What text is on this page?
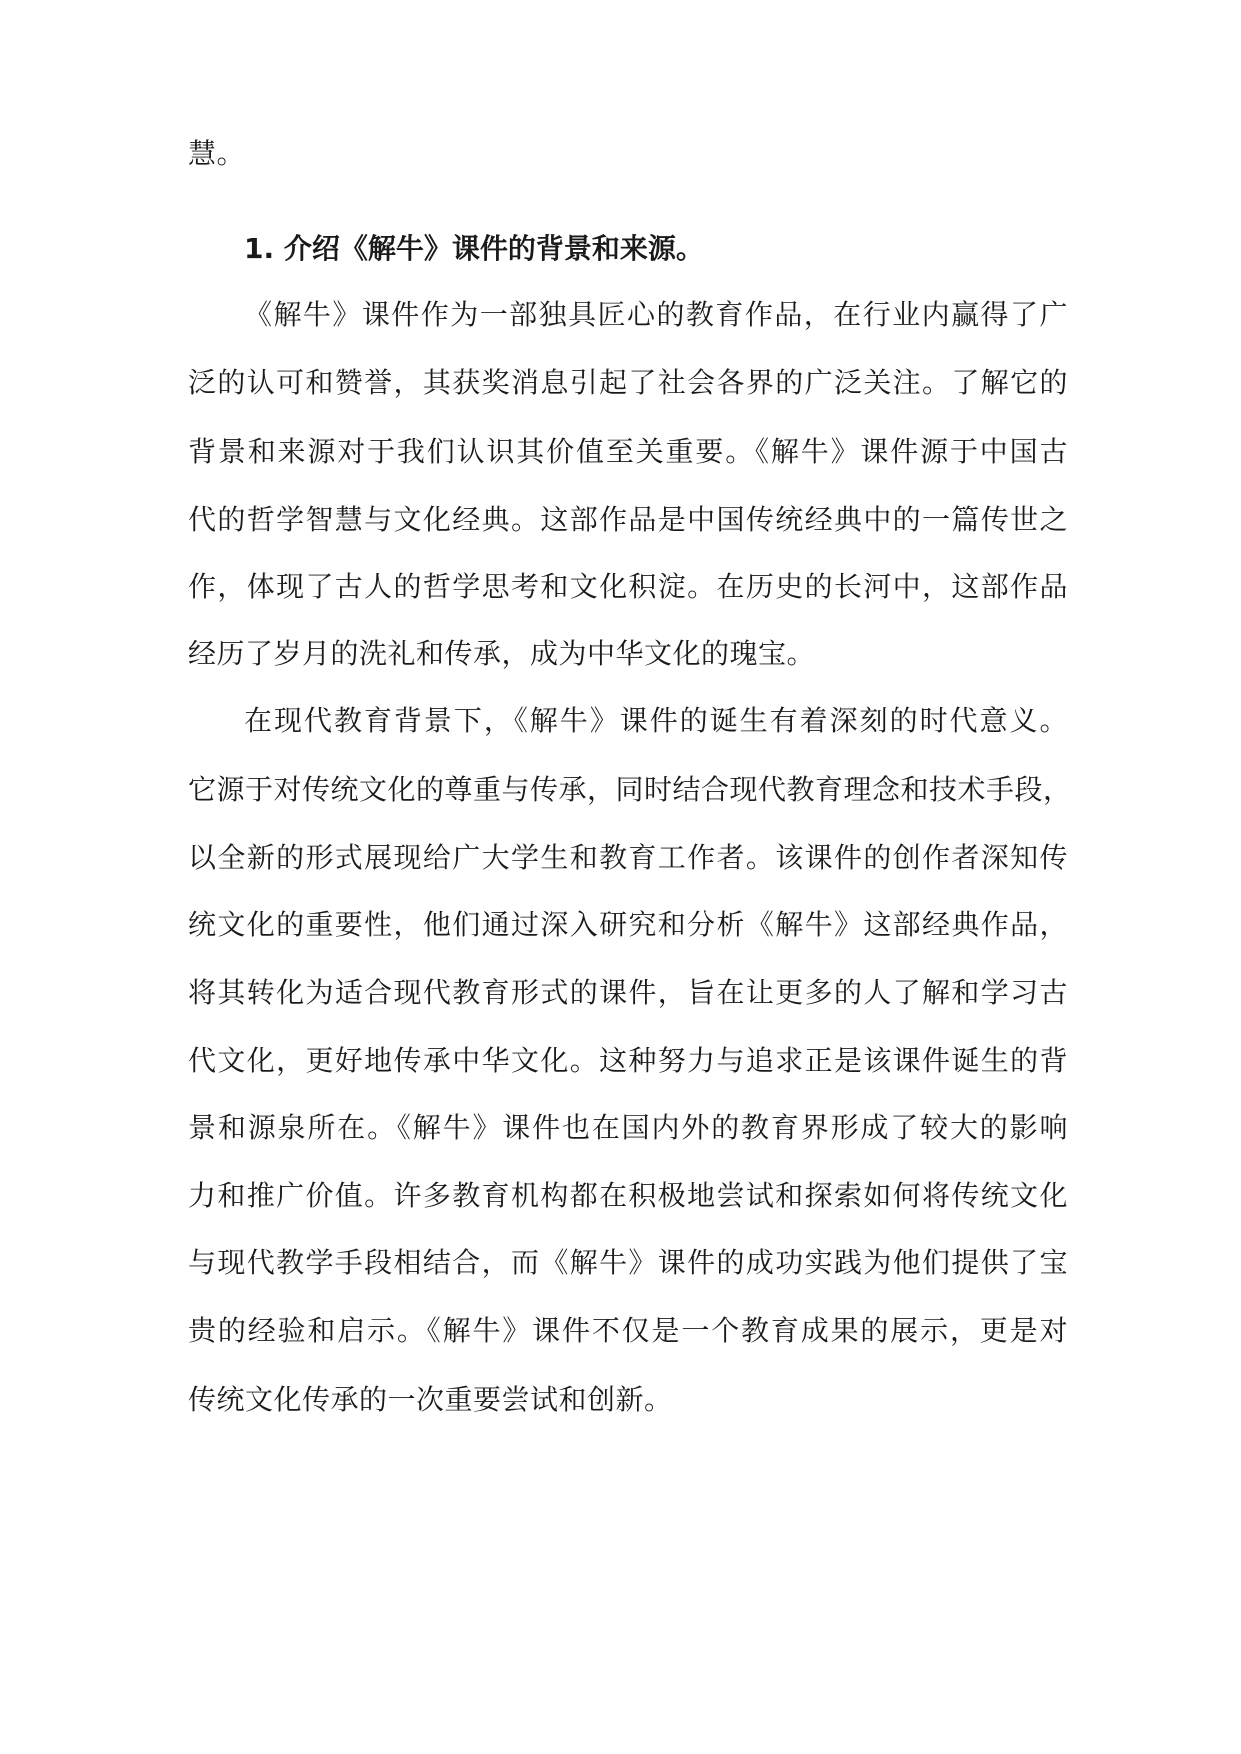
慧。
1. 介绍《解牛》课件的背景和来源。
《解牛》课件作为一部独具匠心的教育作品，在行业内赢得了广
泛的认可和赞誉，其获奖消息引起了社会各界的广泛关注。了解它的
背景和来源对于我们认识其价值至关重要。《解牛》课件源于中国古
代的哲学智慧与文化经典。这部作品是中国传统经典中的一篇传世之
作，体现了古人的哲学思考和文化积淀。在历史的长河中，这部作品
经历了岁月的洗礼和传承，成为中华文化的瑰宝。
在现代教育背景下，《解牛》课件的诞生有着深刻的时代意义。
它源于对传统文化的尊重与传承，同时结合现代教育理念和技术手段，
以全新的形式展现给广大学生和教育工作者。该课件的创作者深知传
统文化的重要性，他们通过深入研究和分析《解牛》这部经典作品，
将其转化为适合现代教育形式的课件，旨在让更多的人了解和学习古
代文化，更好地传承中华文化。这种努力与追求正是该课件诞生的背
景和源泉所在。《解牛》课件也在国内外的教育界形成了较大的影响
力和推广价值。许多教育机构都在积极地尝试和探索如何将传统文化
与现代教学手段相结合，而《解牛》课件的成功实践为他们提供了宝
贵的经验和启示。《解牛》课件不仅是一个教育成果的展示，更是对
传统文化传承的一次重要尝试和创新。
